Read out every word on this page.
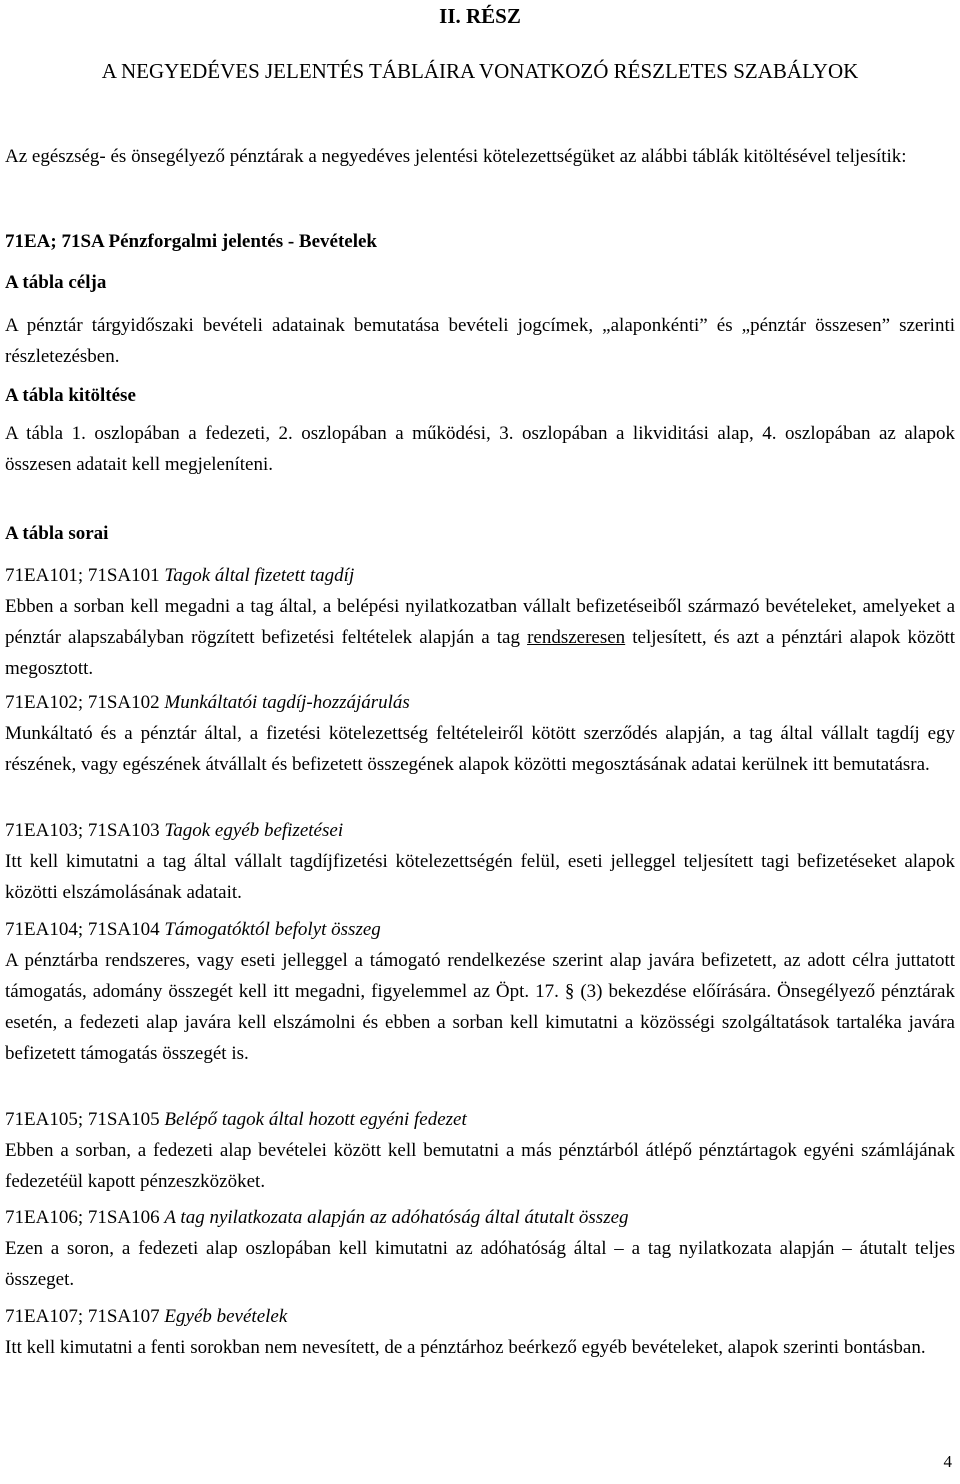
II. RÉSZ
A NEGYEDÉVES JELENTÉS TÁBLÁIRA VONATKOZÓ RÉSZLETES SZABÁLYOK
Az egészség- és önsegélyező pénztárak a negyedéves jelentési kötelezettségüket az alábbi táblák kitöltésével teljesítik:
71EA; 71SA Pénzforgalmi jelentés - Bevételek
A tábla célja
A pénztár tárgyidőszaki bevételi adatainak bemutatása bevételi jogcímek, „alaponkénti” és „pénztár összesen” szerinti részletezésben.
A tábla kitöltése
A tábla 1. oszlopában a fedezeti, 2. oszlopában a működési, 3. oszlopában a likviditási alap, 4. oszlopában az alapok összesen adatait kell megjeleníteni.
A tábla sorai
71EA101; 71SA101 Tagok által fizetett tagdíj
Ebben a sorban kell megadni a tag által, a belépési nyilatkozatban vállalt befizetéseiből származó bevételeket, amelyeket a pénztár alapszabályban rögzített befizetési feltételek alapján a tag rendszeresen teljesített, és azt a pénztári alapok között megosztott.
71EA102; 71SA102 Munkáltatói tagdíj-hozzájárulás
Munkáltató és a pénztár által, a fizetési kötelezettség feltételeiről kötött szerződés alapján, a tag által vállalt tagdíj egy részének, vagy egészének átvállalt és befizetett összegének alapok közötti megosztásának adatai kerülnek itt bemutatásra.
71EA103; 71SA103 Tagok egyéb befizetései
Itt kell kimutatni a tag által vállalt tagdíjfizetési kötelezettségén felül, eseti jelleggel teljesített tagi befizetéseket alapok közötti elszámolásának adatait.
71EA104; 71SA104 Támogatóktól befolyt összeg
A pénztárba rendszeres, vagy eseti jelleggel a támogató rendelkezése szerint alap javára befizetett, az adott célra juttatott támogatás, adomány összegét kell itt megadni, figyelemmel az Öpt. 17. § (3) bekezdése előírására. Önsegélyező pénztárak esetén, a fedezeti alap javára kell elszámolni és ebben a sorban kell kimutatni a közösségi szolgáltatások tartaléka javára befizetett támogatás összegét is.
71EA105; 71SA105 Belépő tagok által hozott egyéni fedezet
Ebben a sorban, a fedezeti alap bevételei között kell bemutatni a más pénztárból átlépő pénztártagok egyéni számlájának fedezetéül kapott pénzeszközöket.
71EA106; 71SA106 A tag nyilatkozata alapján az adóhatóság által átutalt összeg
Ezen a soron, a fedezeti alap oszlopában kell kimutatni az adóhatóság által – a tag nyilatkozata alapján – átutalt teljes összeget.
71EA107; 71SA107 Egyéb bevételek
Itt kell kimutatni a fenti sorokban nem nevesített, de a pénztárhoz beérkező egyéb bevételeket, alapok szerinti bontásban.
4
